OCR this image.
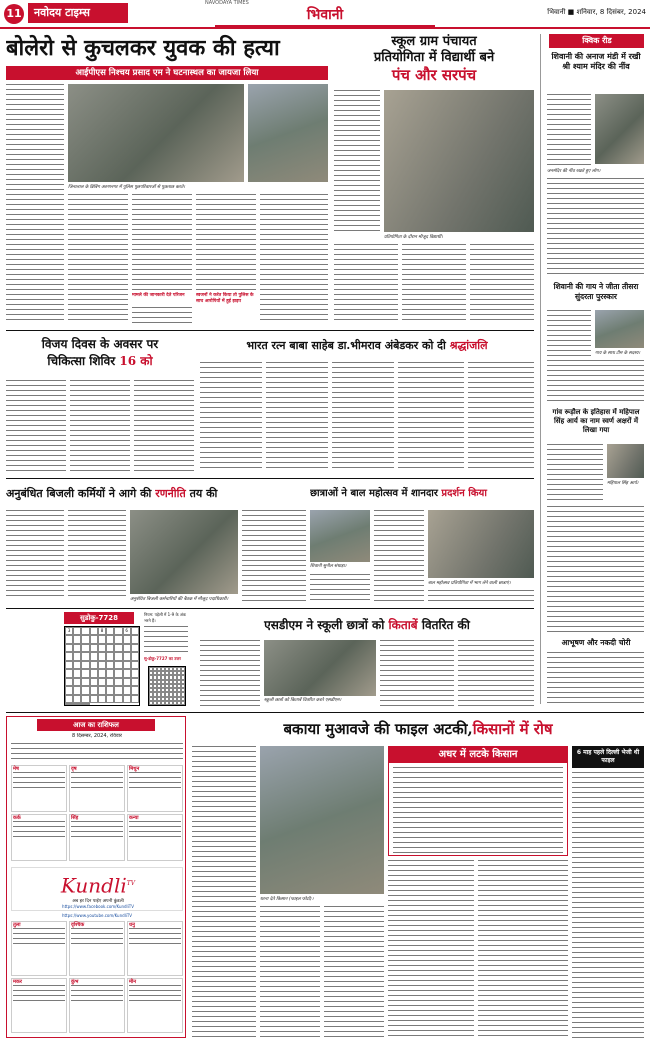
11	नवोदय टाइम्स
NAVODAYA TIMES
भिवानी	भिवानी ■ शनिवार, 8 दिसंबर, 2024
बोलेरो से कुचलकर युवक की हत्या
आईपीएस निश्चय प्रसाद एम ने घटनास्थल का जायजा लिया
जिनालाल के ब्रिबिंग अरुणनगर में पुलिस पूछपरिवारजों से पूछताछ करते।
मामले की जानकारी देते परिजन	स्वजनों ने कर्रत किया तो पुलिस के साथ आरोपियों में हुई झड़प
स्कूल ग्राम पंचायत
प्रतियोगिता में विद्यार्थी बने
पंच और सरपंच
प्रतियोगिता के दौरान मौजूद विद्यार्थी।
क्विक रीड
शिवानी की अनाज मंडी में रखी श्री श्याम मंदिर की नींव
जनमंदिर की नींव रखते हुए लोग।
शिवानी की गाय ने जीता तीसरा सुंदरता पुरस्कार
गाय के साथ टीम के सदस्य।
गांव रूड़ौल के इतिहास में महिपाल सिंह आर्य का नाम स्वर्ण अक्षरों में लिखा गया
महिपाल सिंह आर्य।
आभूषण और नकदी चोरी
विजय दिवस के अवसर पर
चिकित्सा शिविर 16 को
भारत रत्न बाबा साहेब डा.भीमराव अंबेडकर को दी श्रद्धांजलि
अनुबंधित बिजली कर्मियों ने आगे की रणनीति तय की
अनुबंधित बिजली कर्मचारियों की बैठक में मौजूद पदाधिकारी।
छात्राओं ने बाल महोत्सव में शानदार प्रदर्शन किया
शिवानी सुनील संघाड़ा।
बाल महोत्सव प्रतियोगिता में भाग लेने वाली छात्राएं।
सुडोकु-7728
3	8	6
सु-डोकु-7727 का उत्तर
नियम: पहेली में 1-9 के अंक भरने हैं।	एसडीएम ने स्कूली छात्रों को किताबें वितरित की
स्कूली छात्रों को किताबें वितरित करते एसडीएम।
आज का राशिफल
8 दिसम्बर, 2024, रविवार
मेष	वृष	मिथुन
कर्क	सिंह	कन्या
Kundli$^{TV}$
अब हर दिन पाईए अपनी कुंडली
https://www.facebook.com/KundliTV
https://www.youtube.com/KundliTV
तुला	वृश्चिक	धनु
मकर	कुंभ	मीन
बकाया मुआवजे की फाइल अटकी,किसानों में रोष
धरना देते किसान (फाइल फोटो)।
अधर में लटके किसान	6 माह पहले दिल्ली भेजी थी फाइल
